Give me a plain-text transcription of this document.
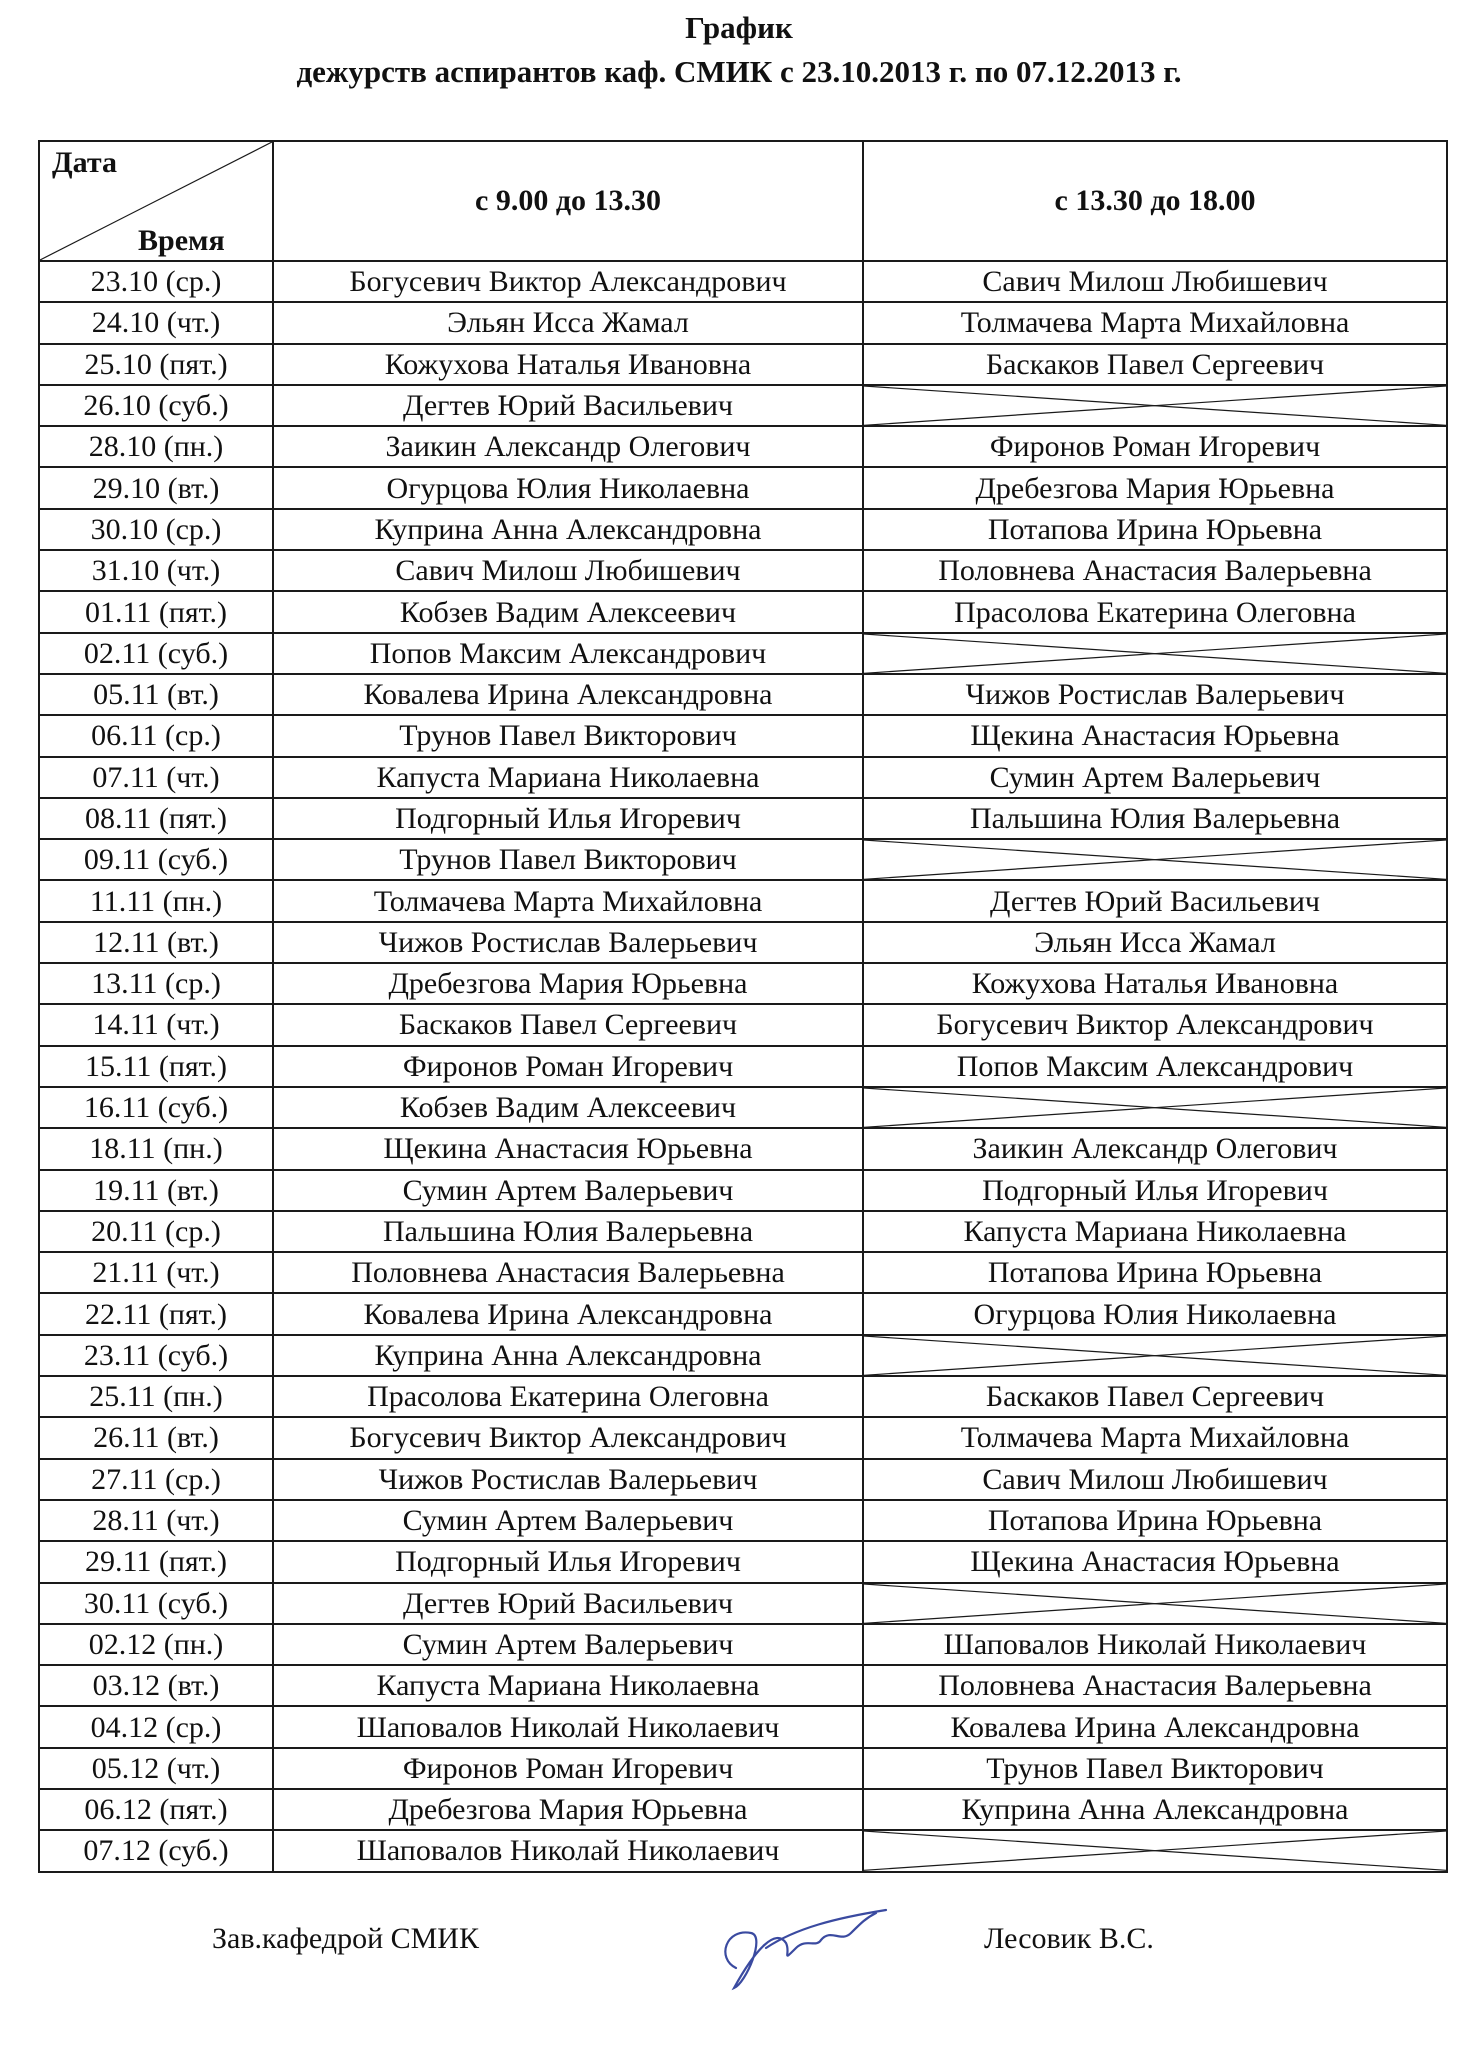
График
дежурств аспирантов каф. СМИК с 23.10.2013 г. по 07.12.2013 г.
Дата
Время	с 9.00 до 13.30	с 13.30 до 18.00
23.10 (ср.)	Богусевич Виктор Александрович	Савич Милош Любишевич
24.10 (чт.)	Эльян Исса Жамал	Толмачева Марта Михайловна
25.10 (пят.)	Кожухова Наталья Ивановна	Баскаков Павел Сергеевич
26.10 (суб.)	Дегтев Юрий Васильевич	

28.10 (пн.)	Заикин Александр Олегович	Фиронов Роман Игоревич
29.10 (вт.)	Огурцова Юлия Николаевна	Дребезгова Мария Юрьевна
30.10 (ср.)	Куприна Анна Александровна	Потапова Ирина Юрьевна
31.10 (чт.)	Савич Милош Любишевич	Половнева Анастасия Валерьевна
01.11 (пят.)	Кобзев Вадим Алексеевич	Прасолова Екатерина Олеговна
02.11 (суб.)	Попов Максим Александрович	

05.11 (вт.)	Ковалева Ирина Александровна	Чижов Ростислав Валерьевич
06.11 (ср.)	Трунов Павел Викторович	Щекина Анастасия Юрьевна
07.11 (чт.)	Капуста Мариана Николаевна	Сумин Артем Валерьевич
08.11 (пят.)	Подгорный Илья Игоревич	Пальшина Юлия Валерьевна
09.11 (суб.)	Трунов Павел Викторович	

11.11 (пн.)	Толмачева Марта Михайловна	Дегтев Юрий Васильевич
12.11 (вт.)	Чижов Ростислав Валерьевич	Эльян Исса Жамал
13.11 (ср.)	Дребезгова Мария Юрьевна	Кожухова Наталья Ивановна
14.11 (чт.)	Баскаков Павел Сергеевич	Богусевич Виктор Александрович
15.11 (пят.)	Фиронов Роман Игоревич	Попов Максим Александрович
16.11 (суб.)	Кобзев Вадим Алексеевич	

18.11 (пн.)	Щекина Анастасия Юрьевна	Заикин Александр Олегович
19.11 (вт.)	Сумин Артем Валерьевич	Подгорный Илья Игоревич
20.11 (ср.)	Пальшина Юлия Валерьевна	Капуста Мариана Николаевна
21.11 (чт.)	Половнева Анастасия Валерьевна	Потапова Ирина Юрьевна
22.11 (пят.)	Ковалева Ирина Александровна	Огурцова Юлия Николаевна
23.11 (суб.)	Куприна Анна Александровна	

25.11 (пн.)	Прасолова Екатерина Олеговна	Баскаков Павел Сергеевич
26.11 (вт.)	Богусевич Виктор Александрович	Толмачева Марта Михайловна
27.11 (ср.)	Чижов Ростислав Валерьевич	Савич Милош Любишевич
28.11 (чт.)	Сумин Артем Валерьевич	Потапова Ирина Юрьевна
29.11 (пят.)	Подгорный Илья Игоревич	Щекина Анастасия Юрьевна
30.11 (суб.)	Дегтев Юрий Васильевич	

02.12 (пн.)	Сумин Артем Валерьевич	Шаповалов Николай Николаевич
03.12 (вт.)	Капуста Мариана Николаевна	Половнева Анастасия Валерьевна
04.12 (ср.)	Шаповалов Николай Николаевич	Ковалева Ирина Александровна
05.12 (чт.)	Фиронов Роман Игоревич	Трунов Павел Викторович
06.12 (пят.)	Дребезгова Мария Юрьевна	Куприна Анна Александровна
07.12 (суб.)	Шаповалов Николай Николаевич	
Зав.кафедрой СМИК	Лесовик В.С.
